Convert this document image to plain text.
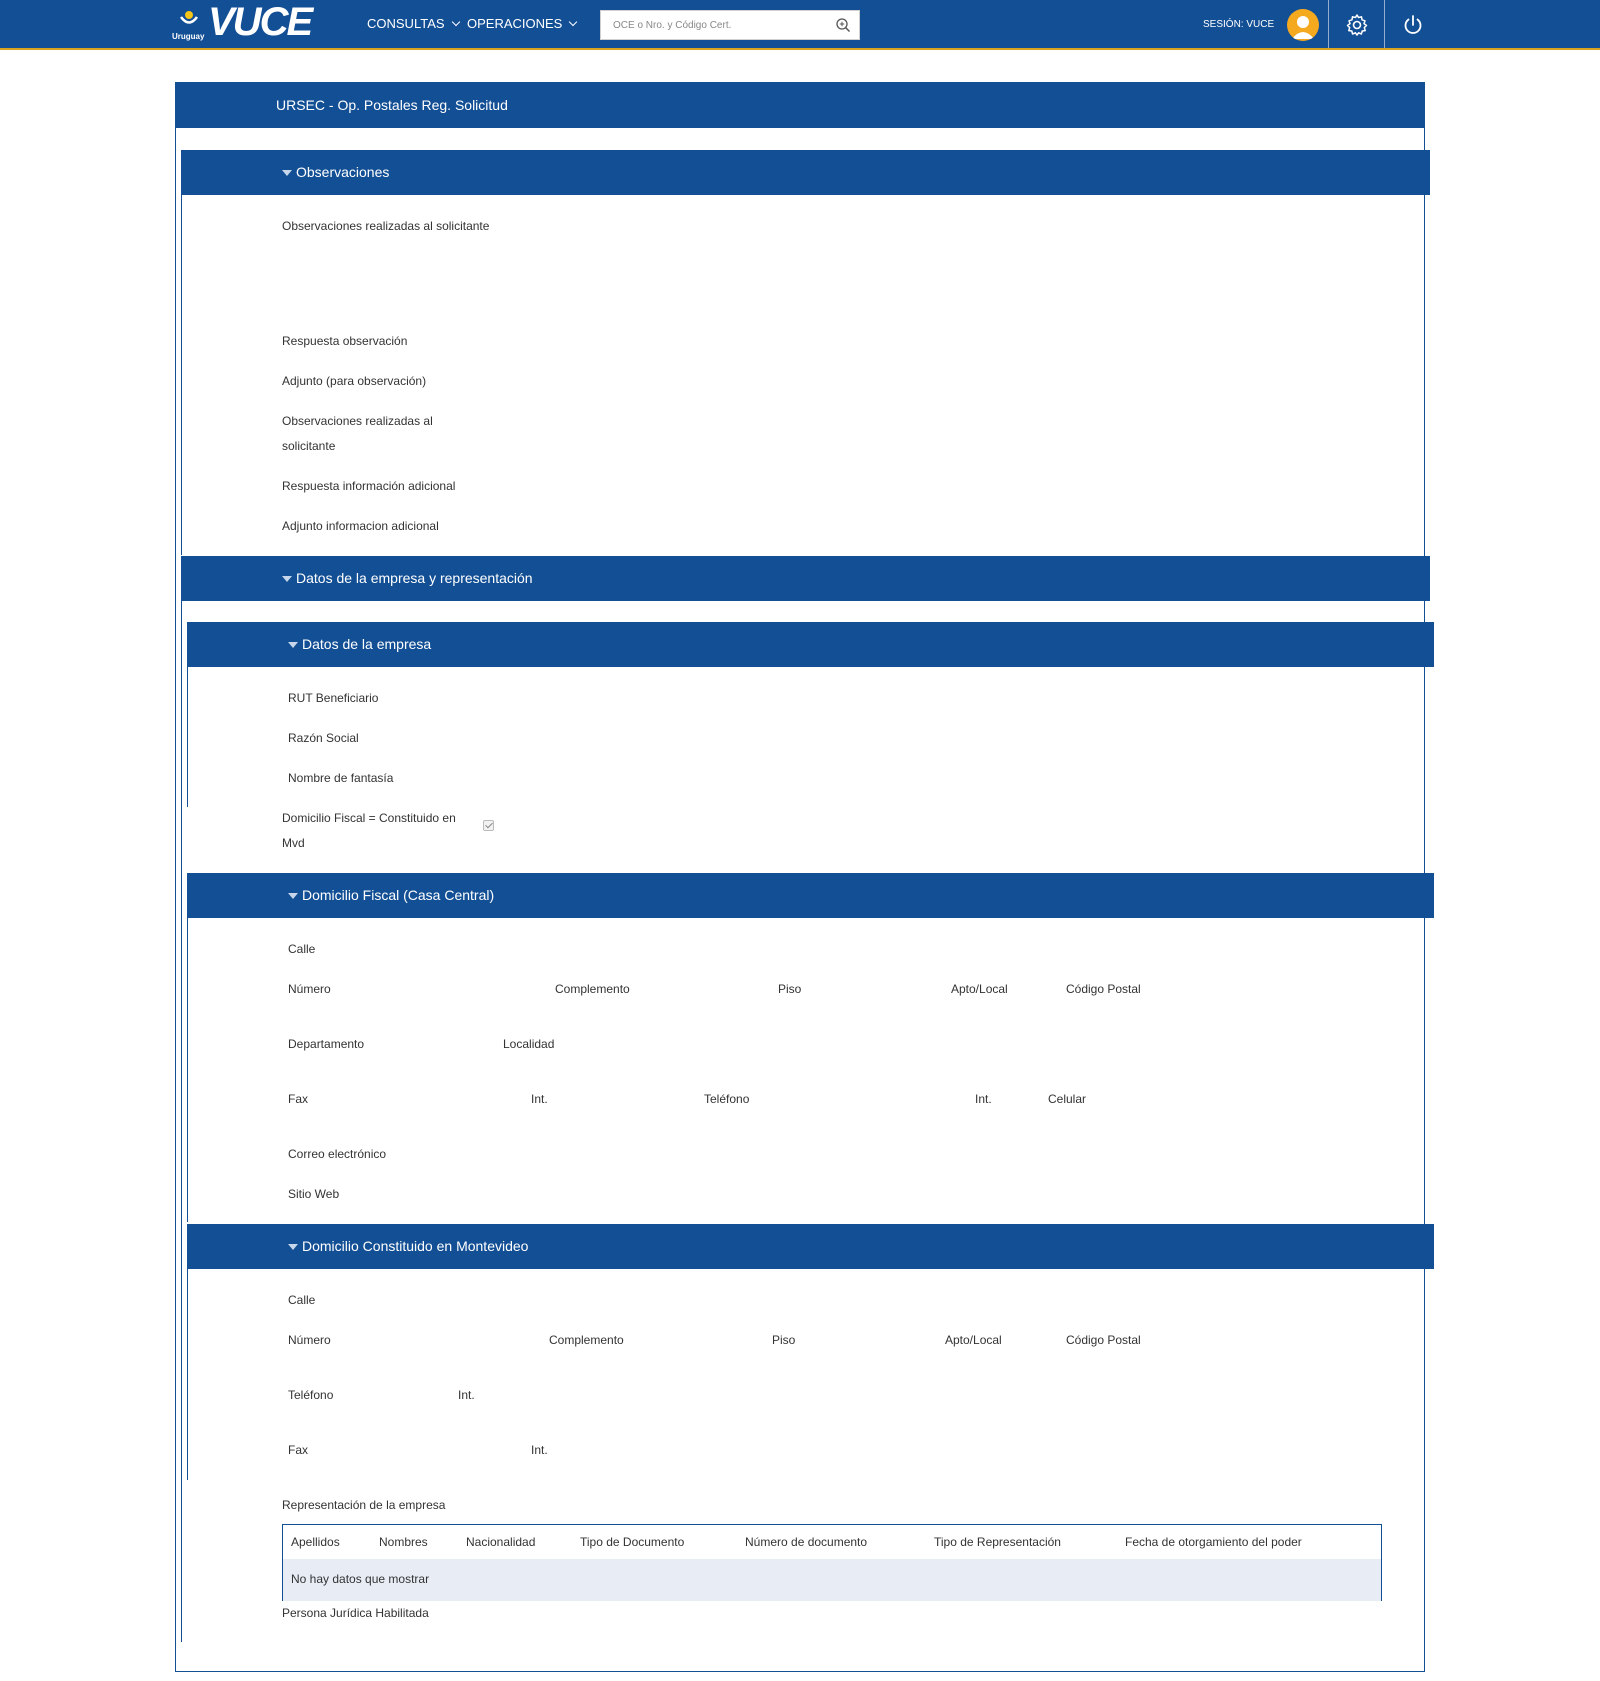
Uruguay VUCE	CONSULTAS	OPERACIONES
OCE o Nro. y Código Cert.	SESIÓN: VUCE
URSEC - Op. Postales Reg. Solicitud
Observaciones
Observaciones realizadas al solicitante
Respuesta observación
Adjunto (para observación)
Observaciones realizadas al
solicitante
Respuesta información adicional
Adjunto informacion adicional
Datos de la empresa y representación
Datos de la empresa
RUT Beneficiario
Razón Social
Nombre de fantasía
Domicilio Fiscal = Constituido en
Mvd
Domicilio Fiscal (Casa Central)
Calle
Número	Complemento	Piso	Apto/Local	Código Postal
Departamento	Localidad
Fax	Int.	Teléfono	Int.	Celular
Correo electrónico
Sitio Web
Domicilio Constituido en Montevideo
Calle
Número	Complemento	Piso	Apto/Local	Código Postal
Teléfono	Int.
Fax	Int.
Representación de la empresa
Apellidos	Nombres	Nacionalidad	Tipo de Documento	Número de documento	Tipo de Representación	Fecha de otorgamiento del poder
No hay datos que mostrar
Persona Jurídica Habilitada
